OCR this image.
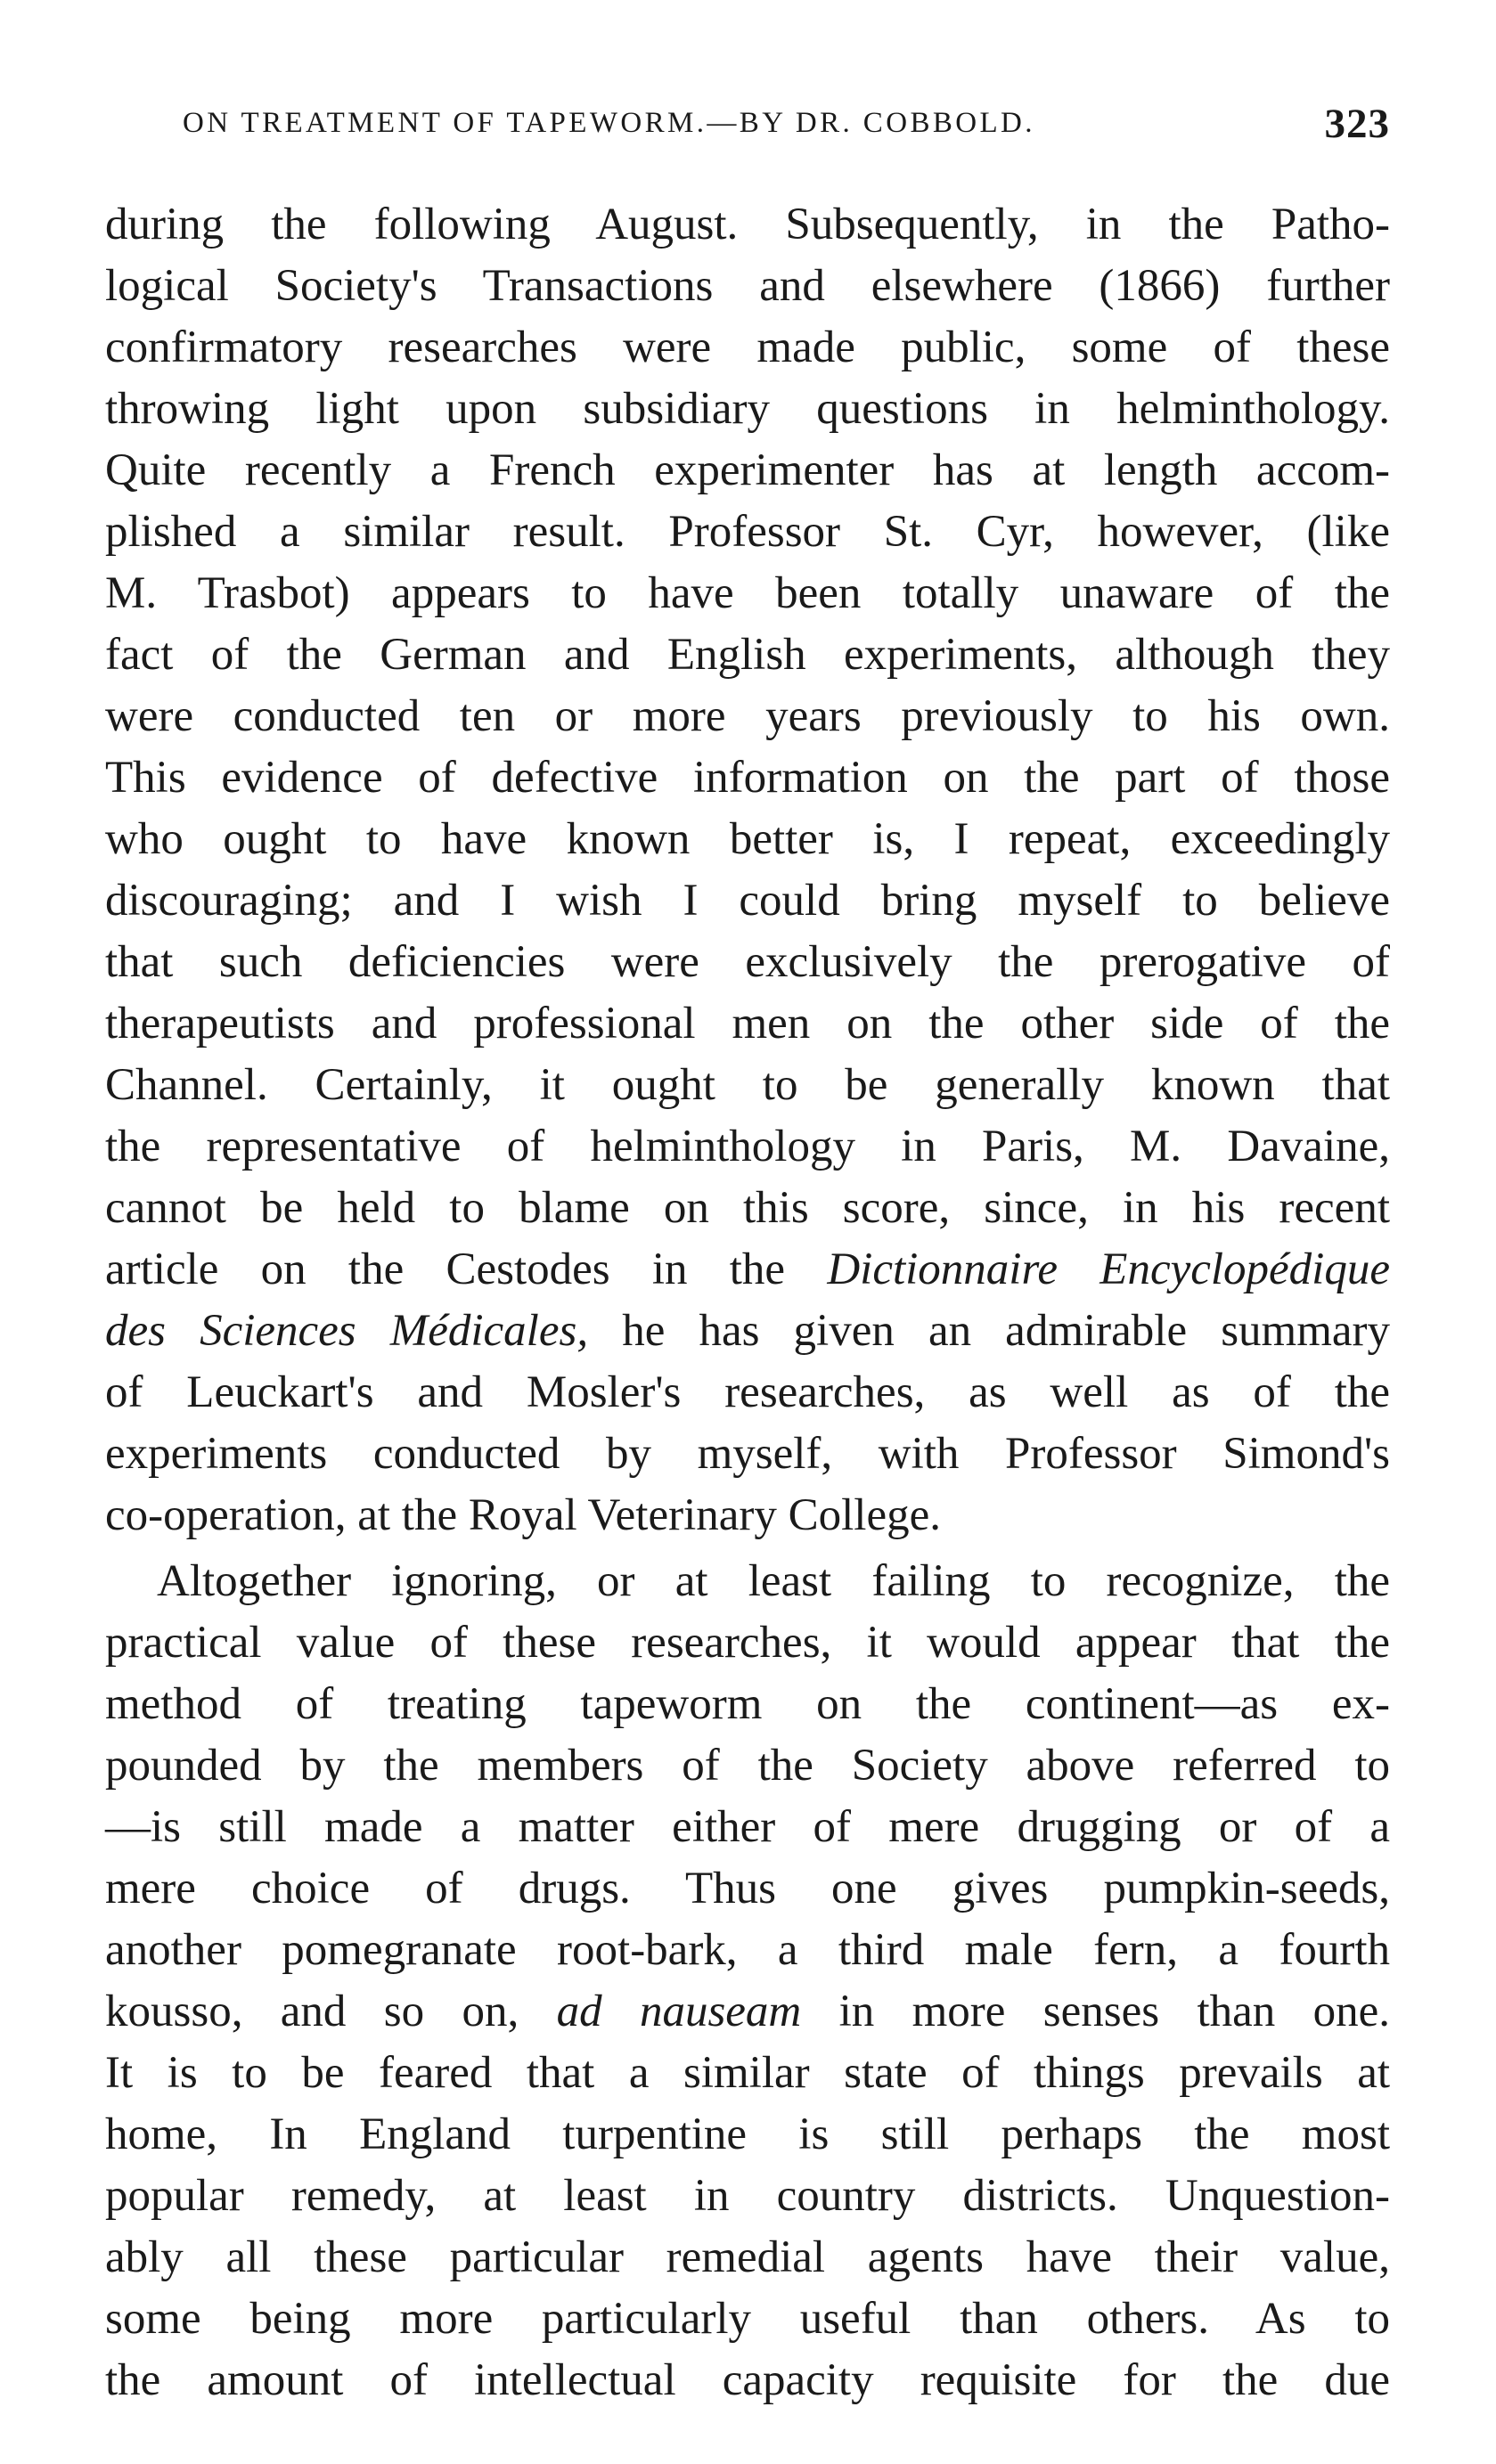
ON TREATMENT OF TAPEWORM.—BY DR. COBBOLD.	323
during the following August. Subsequently, in the Patho-
logical Society's Transactions and elsewhere (1866) further
confirmatory researches were made public, some of these
throwing light upon subsidiary questions in helminthology.
Quite recently a French experimenter has at length accom-
plished a similar result. Professor St. Cyr, however, (like
M. Trasbot) appears to have been totally unaware of the
fact of the German and English experiments, although they
were conducted ten or more years previously to his own.
This evidence of defective information on the part of those
who ought to have known better is, I repeat, exceedingly
discouraging; and I wish I could bring myself to believe
that such deficiencies were exclusively the prerogative of
therapeutists and professional men on the other side of the
Channel. Certainly, it ought to be generally known that
the representative of helminthology in Paris, M. Davaine,
cannot be held to blame on this score, since, in his recent
article on the Cestodes in the Dictionnaire Encyclopédique
des Sciences Médicales, he has given an admirable summary
of Leuckart's and Mosler's researches, as well as of the
experiments conducted by myself, with Professor Simond's
co-operation, at the Royal Veterinary College.
Altogether ignoring, or at least failing to recognize, the
practical value of these researches, it would appear that the
method of treating tapeworm on the continent—as ex-
pounded by the members of the Society above referred to
—is still made a matter either of mere drugging or of a
mere choice of drugs. Thus one gives pumpkin-seeds,
another pomegranate root-bark, a third male fern, a fourth
kousso, and so on, ad nauseam in more senses than one.
It is to be feared that a similar state of things prevails at
home, In England turpentine is still perhaps the most
popular remedy, at least in country districts. Unquestion-
ably all these particular remedial agents have their value,
some being more particularly useful than others. As to
the amount of intellectual capacity requisite for the due
